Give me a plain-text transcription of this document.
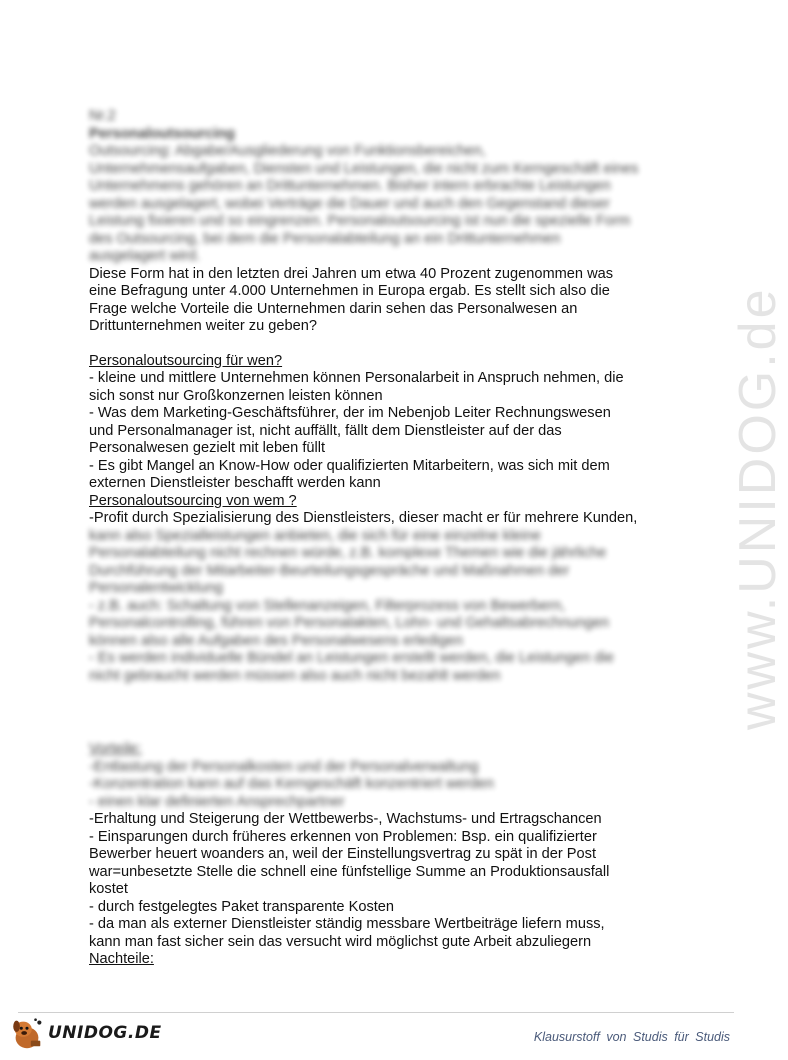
www.UNIDOG.de
Nr.2
Personaloutsourcing
Outsourcing: Abgabe/Ausgliederung von Funktionsbereichen,
Unternehmensaufgaben, Diensten und Leistungen, die nicht zum Kerngeschäft eines
Unternehmens gehören an Drittunternehmen. Bisher intern erbrachte Leistungen
werden ausgelagert, wobei Verträge die Dauer und auch den Gegenstand dieser
Leistung fixieren und so eingrenzen. Personaloutsourcing ist nun die spezielle Form
des Outsourcing, bei dem die Personalabteilung an ein Drittunternehmen
ausgelagert wird.
Diese Form hat in den letzten drei Jahren um etwa 40 Prozent zugenommen was
eine Befragung unter 4.000 Unternehmen in Europa ergab. Es stellt sich also die
Frage welche Vorteile die Unternehmen darin sehen das Personalwesen an
Drittunternehmen weiter zu geben?
Personaloutsourcing für wen?
- kleine und mittlere Unternehmen können Personalarbeit in Anspruch nehmen, die
sich sonst nur Großkonzernen leisten können
- Was dem Marketing-Geschäftsführer, der im Nebenjob Leiter Rechnungswesen
und Personalmanager ist, nicht auffällt, fällt dem Dienstleister auf der das
Personalwesen gezielt mit leben füllt
- Es gibt Mangel an Know-How oder qualifizierten Mitarbeitern, was sich mit dem
externen Dienstleister beschafft werden kann
Personaloutsourcing von wem ?
-Profit durch Spezialisierung des Dienstleisters, dieser macht er für mehrere Kunden,
kann also Spezialleistungen anbieten, die sich für eine einzelne kleine
Personalabteilung nicht rechnen würde, z.B. komplexe Themen wie die jährliche
Durchführung der Mitarbeiter-Beurteilungsgespräche und Maßnahmen der
Personalentwicklung
- z.B. auch: Schaltung von Stellenanzeigen, Filterprozess von Bewerbern,
Personalcontrolling, führen von Personalakten, Lohn- und Gehaltsabrechnungen
können also alle Aufgaben des Personalwesens erledigen
- Es werden individuelle Bündel an Leistungen erstellt werden, die Leistungen die
nicht gebraucht werden müssen also auch nicht bezahlt werden
Vorteile:
-Entlastung der Personalkosten und der Personalverwaltung
-Konzentration kann auf das Kerngeschäft konzentriert werden
- einen klar definierten Ansprechpartner
-Erhaltung und Steigerung der Wettbewerbs-, Wachstums- und Ertragschancen
- Einsparungen durch früheres erkennen von Problemen: Bsp. ein qualifizierter
Bewerber heuert woanders an, weil der Einstellungsvertrag zu spät in der Post
war=unbesetzte Stelle die schnell eine fünfstellige Summe an Produktionsausfall
kostet
- durch festgelegtes Paket transparente Kosten
- da man als externer Dienstleister ständig messbare Wertbeiträge liefern muss,
kann man fast sicher sein das versucht wird möglichst gute Arbeit abzuliegern
Nachteile:
UNIDOG.DE	Klausurstoff von Studis für Studis
